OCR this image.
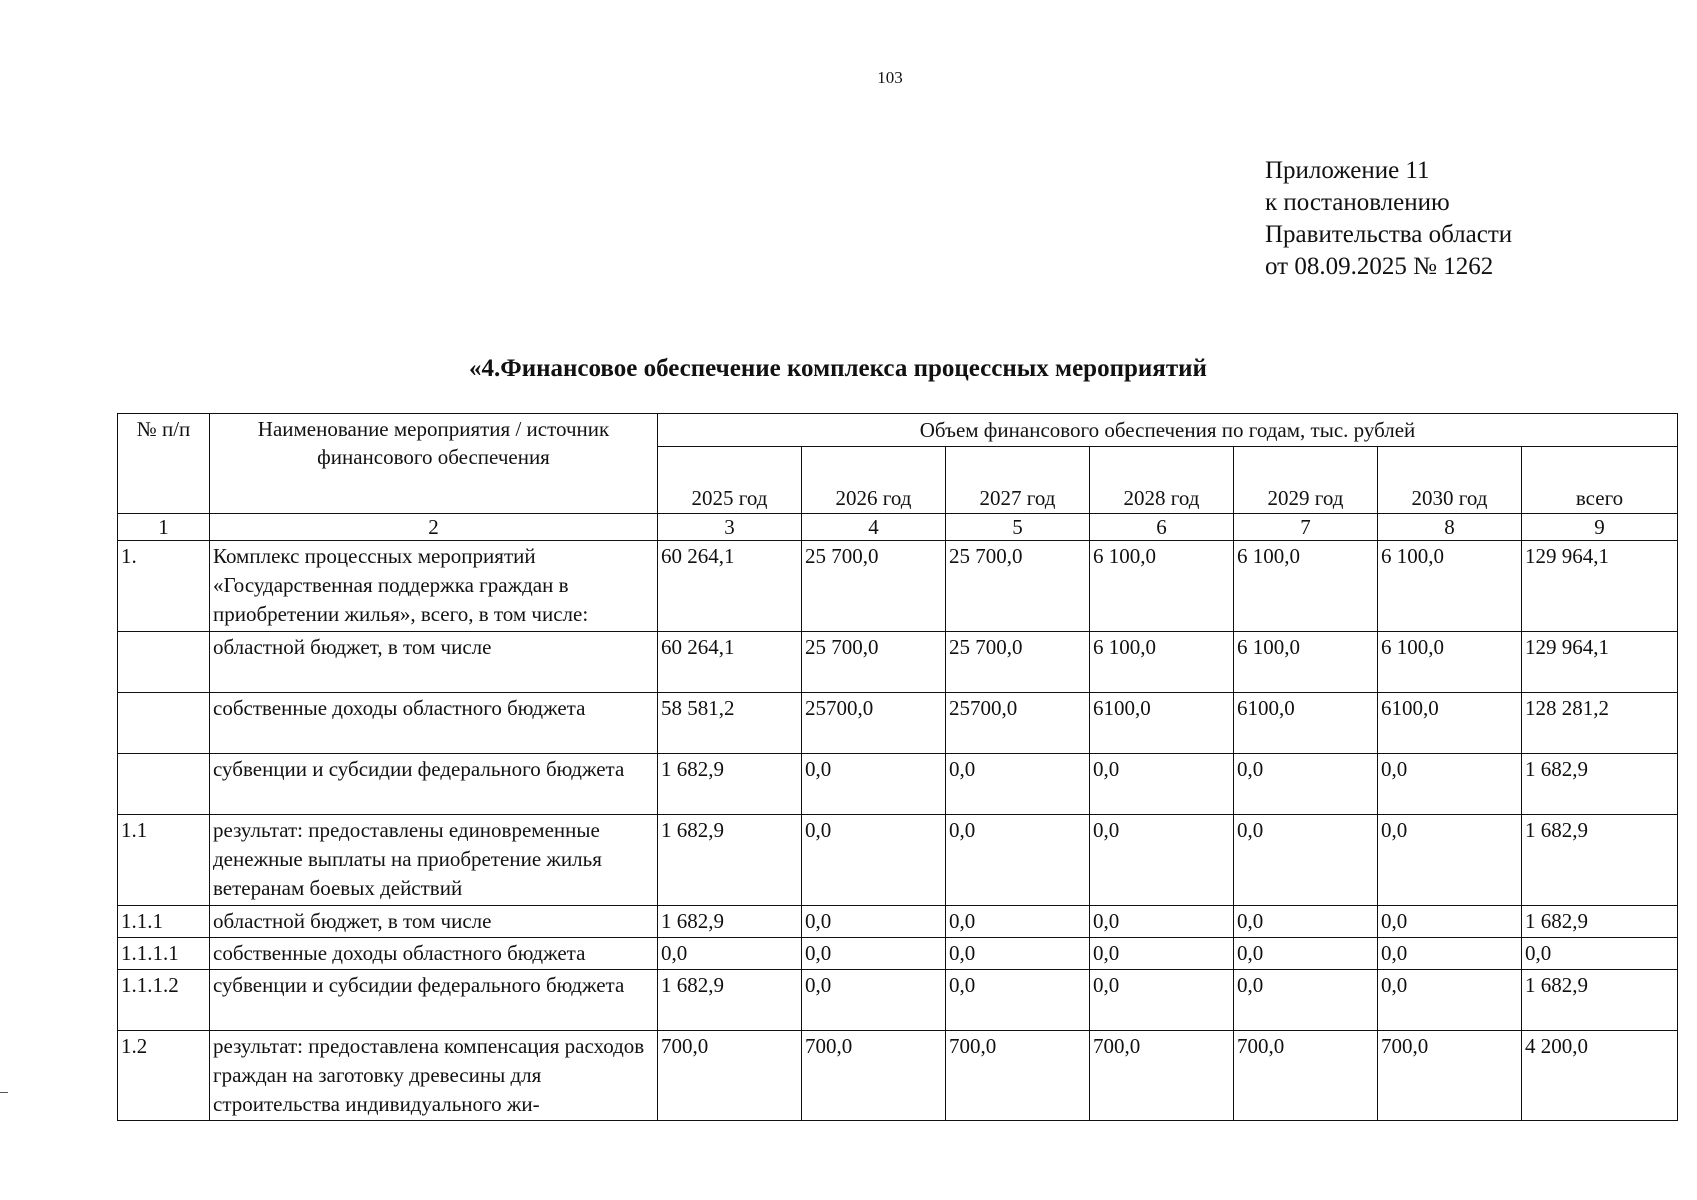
103
Приложение 11
к постановлению
Правительства области
от 08.09.2025 № 1262
«4.Финансовое обеспечение комплекса процессных мероприятий
№ п/п	Наименование мероприятия / источник финансового обеспечения	Объем финансового обеспечения по годам, тыс. рублей						
		2025 год	2026 год	2027 год	2028 год	2029 год	2030 год	всего
1	2	3	4	5	6	7	8	9
1.	Комплекс процессных мероприятий «Государственная поддержка граждан в приобретении жилья», всего, в том числе:	60 264,1	25 700,0	25 700,0	6 100,0	6 100,0	6 100,0	129 964,1
	областной бюджет, в том числе	60 264,1	25 700,0	25 700,0	6 100,0	6 100,0	6 100,0	129 964,1
	собственные доходы областного бюджета	58 581,2	25700,0	25700,0	6100,0	6100,0	6100,0	128 281,2
	субвенции и субсидии федерального бюджета	1 682,9	0,0	0,0	0,0	0,0	0,0	1 682,9
1.1	результат: предоставлены единовременные денежные выплаты на приобретение жилья ветеранам боевых действий	1 682,9	0,0	0,0	0,0	0,0	0,0	1 682,9
1.1.1	областной бюджет, в том числе	1 682,9	0,0	0,0	0,0	0,0	0,0	1 682,9
1.1.1.1	собственные доходы областного бюджета	0,0	0,0	0,0	0,0	0,0	0,0	0,0
1.1.1.2	субвенции и субсидии федерального бюджета	1 682,9	0,0	0,0	0,0	0,0	0,0	1 682,9
1.2	результат: предоставлена компенсация расходов граждан на заготовку древесины для строительства индивидуального жи-	700,0	700,0	700,0	700,0	700,0	700,0	4 200,0
